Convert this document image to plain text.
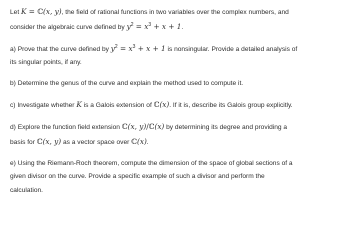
Let K = ℂ(x, y), the field of rational functions in two variables over the complex numbers, and
consider the algebraic curve defined by $y^2 = x^3 + x + 1$.

a) Prove that the curve defined by $y^2 = x^3 + x + 1$ is nonsingular. Provide a detailed analysis of
its singular points, if any.

b) Determine the genus of the curve and explain the method used to compute it.

c) Investigate whether K is a Galois extension of ℂ(x). If it is, describe its Galois group explicitly.

d) Explore the function field extension ℂ(x, y)/ℂ(x) by determining its degree and providing a
basis for ℂ(x, y) as a vector space over ℂ(x).

e) Using the Riemann-Roch theorem, compute the dimension of the space of global sections of a
given divisor on the curve. Provide a specific example of such a divisor and perform the
calculation.
